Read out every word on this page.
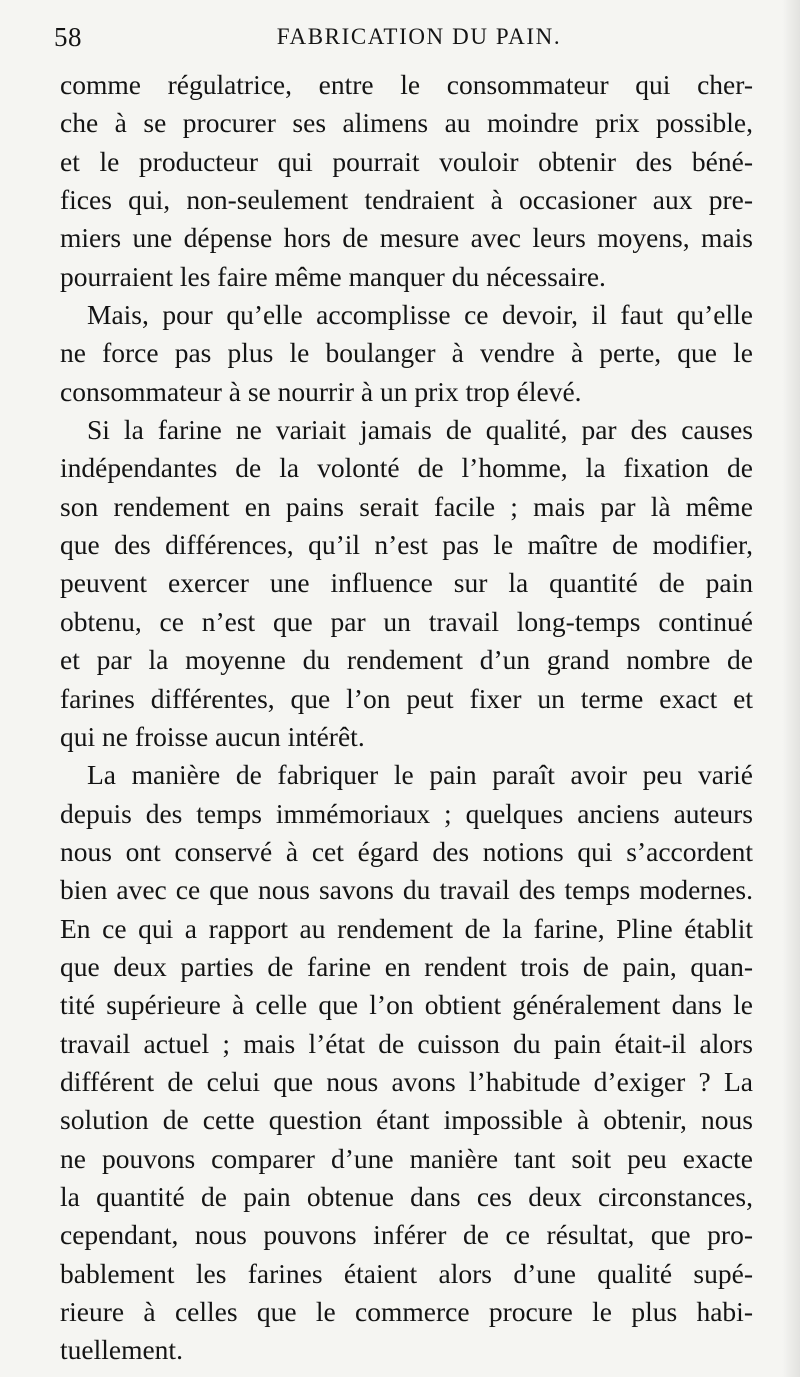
58	FABRICATION DU PAIN.
comme régulatrice, entre le consommateur qui cher-
che à se procurer ses alimens au moindre prix possible,
et le producteur qui pourrait vouloir obtenir des béné-
fices qui, non-seulement tendraient à occasioner aux pre-
miers une dépense hors de mesure avec leurs moyens, mais
pourraient les faire même manquer du nécessaire.
Mais, pour qu’elle accomplisse ce devoir, il faut qu’elle
ne force pas plus le boulanger à vendre à perte, que le
consommateur à se nourrir à un prix trop élevé.
Si la farine ne variait jamais de qualité, par des causes
indépendantes de la volonté de l’homme, la fixation de
son rendement en pains serait facile ; mais par là même
que des différences, qu’il n’est pas le maître de modifier,
peuvent exercer une influence sur la quantité de pain
obtenu, ce n’est que par un travail long-temps continué
et par la moyenne du rendement d’un grand nombre de
farines différentes, que l’on peut fixer un terme exact et
qui ne froisse aucun intérêt.
La manière de fabriquer le pain paraît avoir peu varié
depuis des temps immémoriaux ; quelques anciens auteurs
nous ont conservé à cet égard des notions qui s’accordent
bien avec ce que nous savons du travail des temps modernes.
En ce qui a rapport au rendement de la farine, Pline établit
que deux parties de farine en rendent trois de pain, quan-
tité supérieure à celle que l’on obtient généralement dans le
travail actuel ; mais l’état de cuisson du pain était-il alors
différent de celui que nous avons l’habitude d’exiger ? La
solution de cette question étant impossible à obtenir, nous
ne pouvons comparer d’une manière tant soit peu exacte
la quantité de pain obtenue dans ces deux circonstances,
cependant, nous pouvons inférer de ce résultat, que pro-
bablement les farines étaient alors d’une qualité supé-
rieure à celles que le commerce procure le plus habi-
tuellement.
